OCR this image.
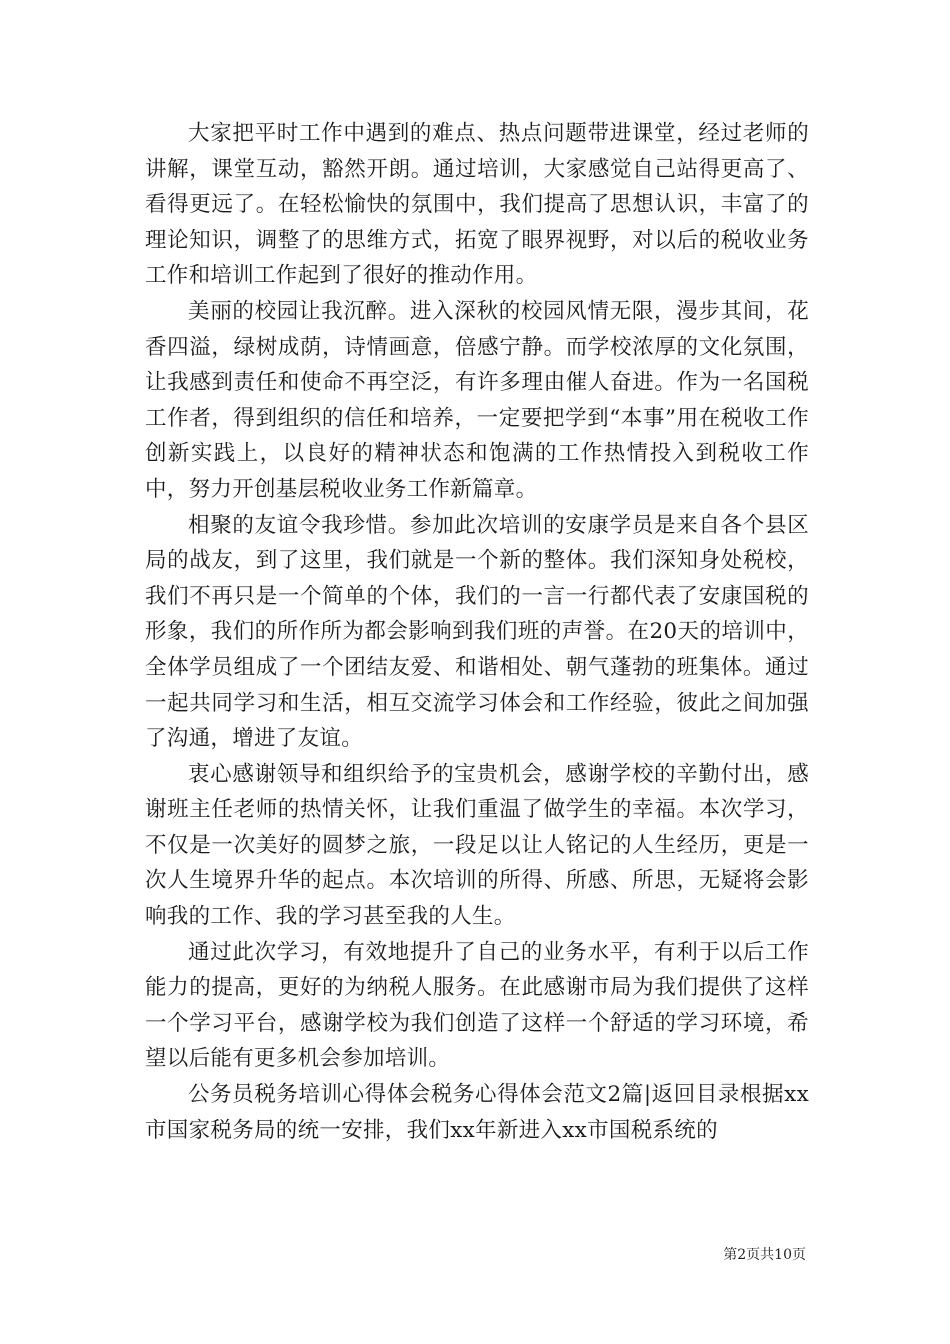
大家把平时工作中遇到的难点、热点问题带进课堂，经过老师的讲解，课堂互动，豁然开朗。通过培训，大家感觉自己站得更高了、看得更远了。在轻松愉快的氛围中，我们提高了思想认识，丰富了的理论知识，调整了的思维方式，拓宽了眼界视野，对以后的税收业务工作和培训工作起到了很好的推动作用。

美丽的校园让我沉醉。进入深秋的校园风情无限，漫步其间，花香四溢，绿树成荫，诗情画意，倍感宁静。而学校浓厚的文化氛围，让我感到责任和使命不再空泛，有许多理由催人奋进。作为一名国税工作者，得到组织的信任和培养，一定要把学到“本事”用在税收工作创新实践上，以良好的精神状态和饱满的工作热情投入到税收工作中，努力开创基层税收业务工作新篇章。

相聚的友谊令我珍惜。参加此次培训的安康学员是来自各个县区局的战友，到了这里，我们就是一个新的整体。我们深知身处税校，我们不再只是一个简单的个体，我们的一言一行都代表了安康国税的形象，我们的所作所为都会影响到我们班的声誉。在20天的培训中，全体学员组成了一个团结友爱、和谐相处、朝气蓬勃的班集体。通过一起共同学习和生活，相互交流学习体会和工作经验，彼此之间加强了沟通，增进了友谊。

衷心感谢领导和组织给予的宝贵机会，感谢学校的辛勤付出，感谢班主任老师的热情关怀，让我们重温了做学生的幸福。本次学习，不仅是一次美好的圆梦之旅，一段足以让人铭记的人生经历，更是一次人生境界升华的起点。本次培训的所得、所感、所思，无疑将会影响我的工作、我的学习甚至我的人生。

通过此次学习，有效地提升了自己的业务水平，有利于以后工作能力的提高，更好的为纳税人服务。在此感谢市局为我们提供了这样一个学习平台，感谢学校为我们创造了这样一个舒适的学习环境，希望以后能有更多机会参加培训。

公务员税务培训心得体会税务心得体会范文2篇|返回目录根据xx市国家税务局的统一安排，我们xx年新进入xx市国税系统的

第2页共10页
